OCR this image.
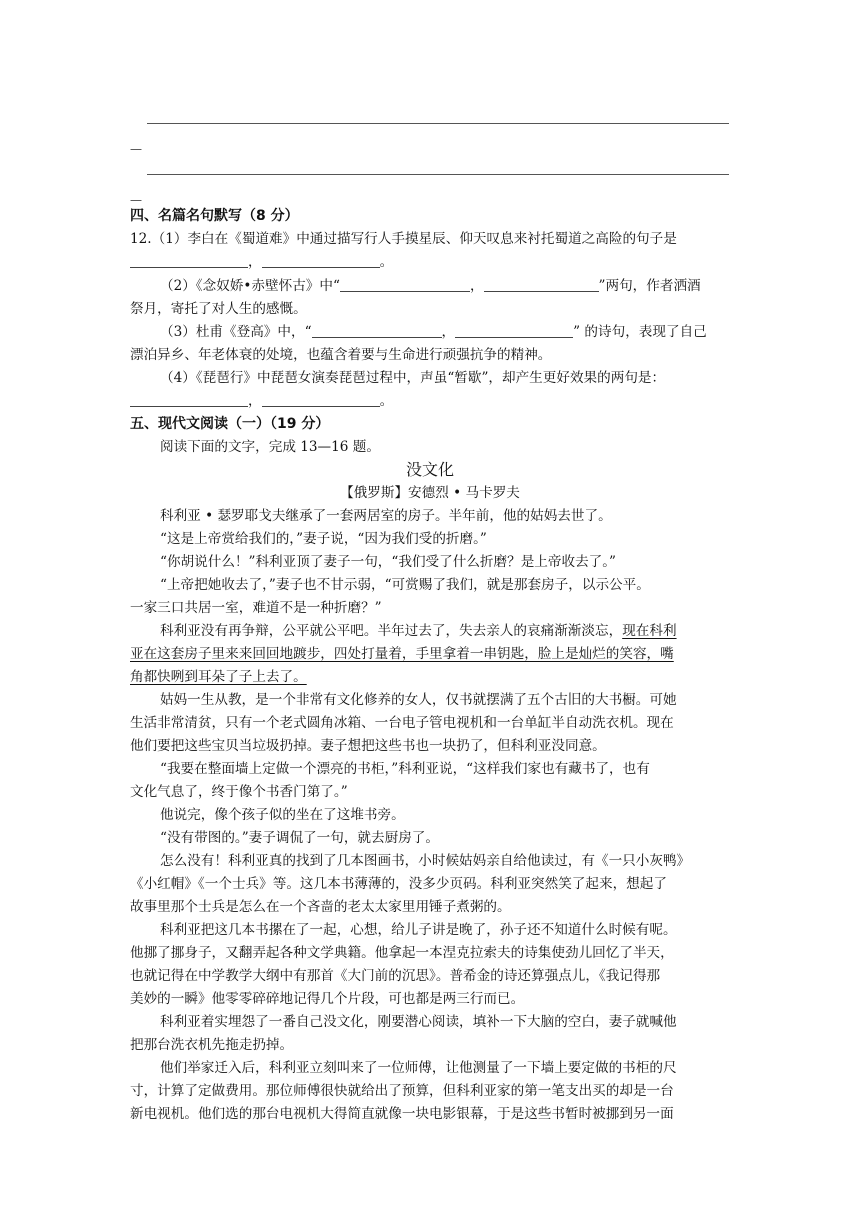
—
—
四、名篇名句默写（8 分）
12.（1）李白在《蜀道难》中通过描写行人手摸星辰、仰天叹息来衬托蜀道之高险的句子是
，	。
（2）《念奴娇•赤壁怀古》中“	，	”两句，作者洒酒
祭月，寄托了对人生的感慨。
（3）杜甫《登高》中，“	，	” 的诗句，表现了自己
漂泊异乡、年老体衰的处境，也蕴含着要与生命进行顽强抗争的精神。
（4）《琵琶行》中琵琶女演奏琵琶过程中，声虽“暂歇”，却产生更好效果的两句是：
，	。
五、现代文阅读（一）（19 分）
阅读下面的文字，完成 13—16 题。
没文化
【俄罗斯】安德烈 • 马卡罗夫
科利亚 • 瑟罗耶戈夫继承了一套两居室的房子。半年前，他的姑妈去世了。
“这是上帝赏给我们的，”妻子说，“因为我们受的折磨。”
“你胡说什么！”科利亚顶了妻子一句，“我们受了什么折磨？是上帝收去了。”
“上帝把她收去了，”妻子也不甘示弱，“可赏赐了我们，就是那套房子，以示公平。
一家三口共居一室，难道不是一种折磨？”
科利亚没有再争辩，公平就公平吧。半年过去了，失去亲人的哀痛渐渐淡忘，现在科利
亚在这套房子里来来回回地踱步，四处打量着，手里拿着一串钥匙，脸上是灿烂的笑容，嘴
角都快咧到耳朵了子上去了。
姑妈一生从教，是一个非常有文化修养的女人，仅书就摆满了五个古旧的大书橱。可她
生活非常清贫，只有一个老式圆角冰箱、一台电子管电视机和一台单缸半自动洗衣机。现在
他们要把这些宝贝当垃圾扔掉。妻子想把这些书也一块扔了，但科利亚没同意。
“我要在整面墙上定做一个漂亮的书柜，”科利亚说，“这样我们家也有藏书了，也有
文化气息了，终于像个书香门第了。”
他说完，像个孩子似的坐在了这堆书旁。
“没有带图的。”妻子调侃了一句，就去厨房了。
怎么没有！科利亚真的找到了几本图画书，小时候姑妈亲自给他读过，有《一只小灰鸭》
《小红帽》《一个士兵》等。这几本书薄薄的，没多少页码。科利亚突然笑了起来，想起了
故事里那个士兵是怎么在一个吝啬的老太太家里用锤子煮粥的。
科利亚把这几本书摞在了一起，心想，给儿子讲是晚了，孙子还不知道什么时候有呢。
他挪了挪身子，又翻弄起各种文学典籍。他拿起一本涅克拉索夫的诗集使劲儿回忆了半天，
也就记得在中学教学大纲中有那首《大门前的沉思》。普希金的诗还算强点儿，《我记得那
美妙的一瞬》他零零碎碎地记得几个片段，可也都是两三行而已。
科利亚着实埋怨了一番自己没文化，刚要潜心阅读，填补一下大脑的空白，妻子就喊他
把那台洗衣机先拖走扔掉。
他们举家迁入后，科利亚立刻叫来了一位师傅，让他测量了一下墙上要定做的书柜的尺
寸，计算了定做费用。那位师傅很快就给出了预算，但科利亚家的第一笔支出买的却是一台
新电视机。他们选的那台电视机大得简直就像一块电影银幕，于是这些书暂时被挪到另一面
